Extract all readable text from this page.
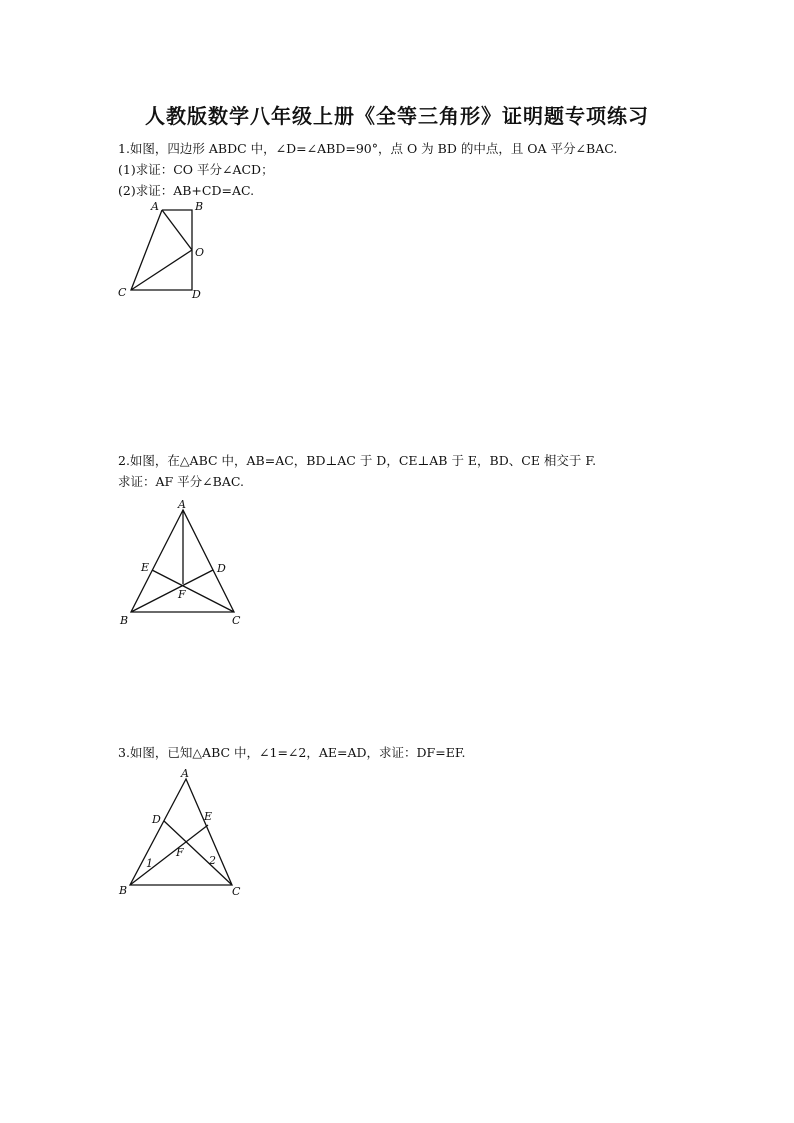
人教版数学八年级上册《全等三角形》证明题专项练习
1.如图，四边形 ABDC 中，∠D=∠ABD=90°，点 O 为 BD 的中点，且 OA 平分∠BAC.
(1)求证：CO 平分∠ACD；
(2)求证：AB+CD=AC.
A	B
O
C	D
2.如图，在△ABC 中，AB=AC，BD⊥AC 于 D，CE⊥AB 于 E，BD、CE 相交于 F.
求证：AF 平分∠BAC.
A
E	D
F
B	C
3.如图，已知△ABC 中，∠1=∠2，AE=AD，求证：DF=EF.
A
D	E
F
1	2
B	C
